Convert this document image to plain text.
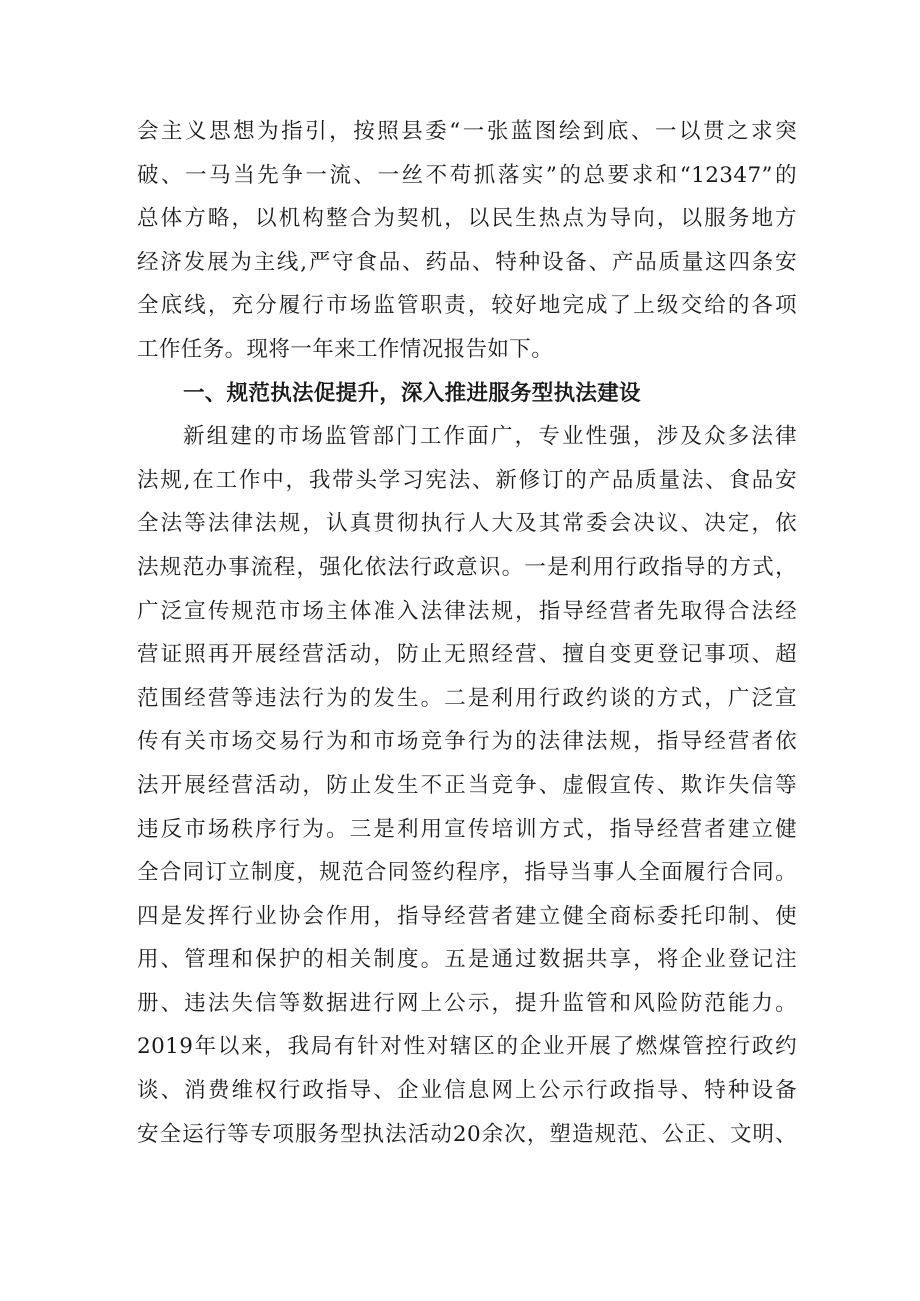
会主义思想为指引，按照县委“一张蓝图绘到底、一以贯之求突
破、一马当先争一流、一丝不苟抓落实”的总要求和“12347”的
总体方略，以机构整合为契机，以民生热点为导向，以服务地方
经济发展为主线,严守食品、药品、特种设备、产品质量这四条安
全底线，充分履行市场监管职责，较好地完成了上级交给的各项
工作任务。现将一年来工作情况报告如下。
一、规范执法促提升，深入推进服务型执法建设
新组建的市场监管部门工作面广，专业性强，涉及众多法律
法规,在工作中，我带头学习宪法、新修订的产品质量法、食品安
全法等法律法规，认真贯彻执行人大及其常委会决议、决定，依
法规范办事流程，强化依法行政意识。一是利用行政指导的方式，
广泛宣传规范市场主体准入法律法规，指导经营者先取得合法经
营证照再开展经营活动，防止无照经营、擅自变更登记事项、超
范围经营等违法行为的发生。二是利用行政约谈的方式，广泛宣
传有关市场交易行为和市场竞争行为的法律法规，指导经营者依
法开展经营活动，防止发生不正当竞争、虚假宣传、欺诈失信等
违反市场秩序行为。三是利用宣传培训方式，指导经营者建立健
全合同订立制度，规范合同签约程序，指导当事人全面履行合同。
四是发挥行业协会作用，指导经营者建立健全商标委托印制、使
用、管理和保护的相关制度。五是通过数据共享，将企业登记注
册、违法失信等数据进行网上公示，提升监管和风险防范能力。
2019年以来，我局有针对性对辖区的企业开展了燃煤管控行政约
谈、消费维权行政指导、企业信息网上公示行政指导、特种设备
安全运行等专项服务型执法活动20余次，塑造规范、公正、文明、
